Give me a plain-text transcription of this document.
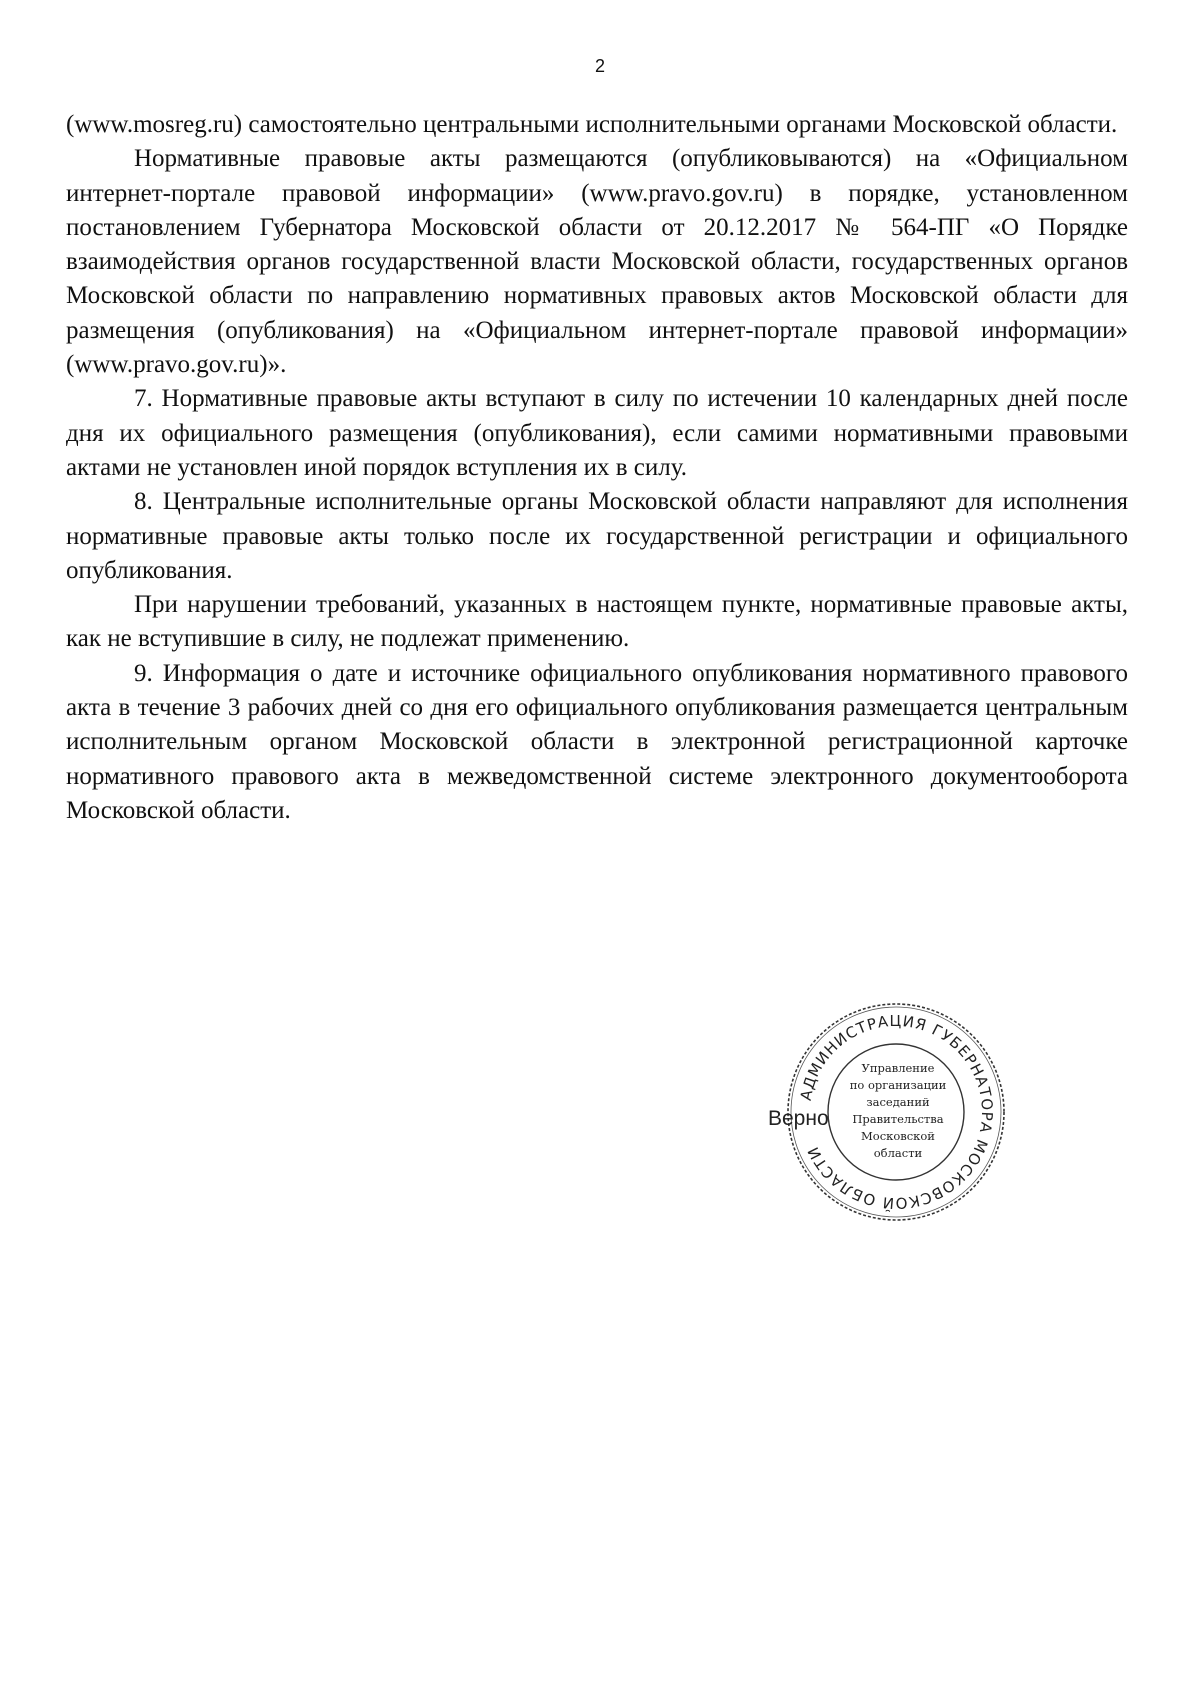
2

(www.mosreg.ru) самостоятельно центральными исполнительными органами Московской области.

Нормативные правовые акты размещаются (опубликовываются) на «Официальном интернет-портале правовой информации» (www.pravo.gov.ru) в порядке, установленном постановлением Губернатора Московской области от 20.12.2017 № 564-ПГ «О Порядке взаимодействия органов государственной власти Московской области, государственных органов Московской области по направлению нормативных правовых актов Московской области для размещения (опубликования) на «Официальном интернет-портале правовой информации» (www.pravo.gov.ru)».

7. Нормативные правовые акты вступают в силу по истечении 10 календарных дней после дня их официального размещения (опубликования), если самими нормативными правовыми актами не установлен иной порядок вступления их в силу.

8. Центральные исполнительные органы Московской области направляют для исполнения нормативные правовые акты только после их государственной регистрации и официального опубликования.

При нарушении требований, указанных в настоящем пункте, нормативные правовые акты, как не вступившие в силу, не подлежат применению.

9. Информация о дате и источнике официального опубликования нормативного правового акта в течение 3 рабочих дней со дня его официального опубликования размещается центральным исполнительным органом Московской области в электронной регистрационной карточке нормативного правового акта в межведомственной системе электронного документооборота Московской области.

АДМИНИСТРАЦИЯ ГУБЕРНАТОРА МОСКОВСКОЙ ОБЛАСТИ
Управление
по организации
заседаний
Правительства
Московской
области
Верно
